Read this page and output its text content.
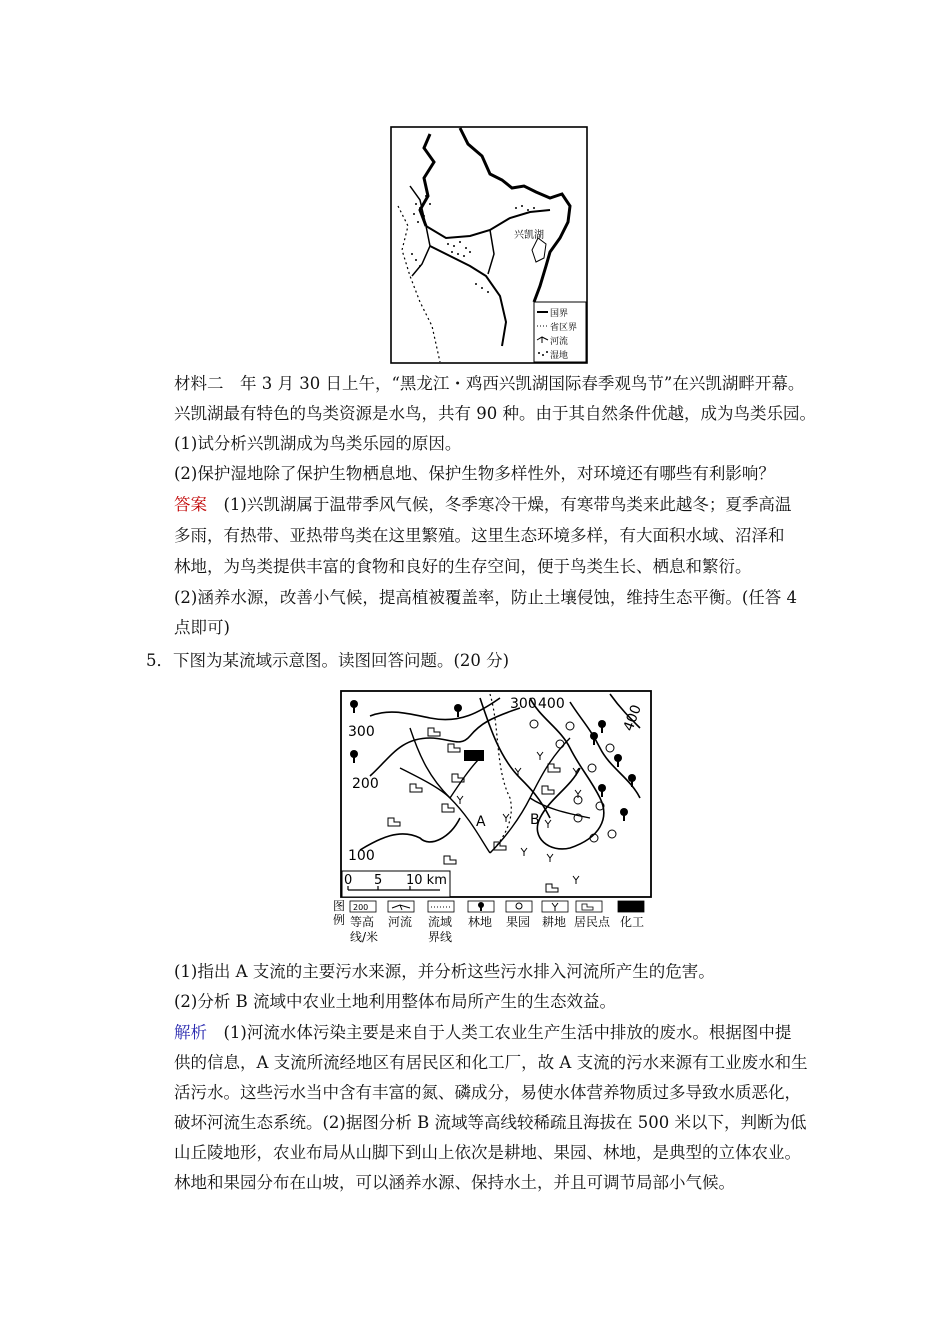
兴凯湖
国界
省区界
河流
湿地
材料二　年 3 月 30 日上午，“黑龙江・鸡西兴凯湖国际春季观鸟节”在兴凯湖畔开幕。
兴凯湖最有特色的鸟类资源是水鸟，共有 90 种。由于其自然条件优越，成为鸟类乐园。
(1)试分析兴凯湖成为鸟类乐园的原因。
(2)保护湿地除了保护生物栖息地、保护生物多样性外，对环境还有哪些有利影响？
答案　(1)兴凯湖属于温带季风气候，冬季寒冷干燥，有寒带鸟类来此越冬；夏季高温
多雨，有热带、亚热带鸟类在这里繁殖。这里生态环境多样，有大面积水域、沼泽和
林地，为鸟类提供丰富的食物和良好的生存空间，便于鸟类生长、栖息和繁衍。
(2)涵养水源，改善小气候，提高植被覆盖率，防止土壤侵蚀，维持生态平衡。(任答 4
点即可)
5．下图为某流域示意图。读图回答问题。(20 分)
300
200
100
300 400	400
A	B
0 5 10 km
图
例
200
等高
线/米
河流 流域
界线
林地 果园 耕地 居民点 化工
(1)指出 A 支流的主要污水来源，并分析这些污水排入河流所产生的危害。
(2)分析 B 流域中农业土地利用整体布局所产生的生态效益。
解析　(1)河流水体污染主要是来自于人类工农业生产生活中排放的废水。根据图中提
供的信息，A 支流所流经地区有居民区和化工厂，故 A 支流的污水来源有工业废水和生
活污水。这些污水当中含有丰富的氮、磷成分，易使水体营养物质过多导致水质恶化，
破坏河流生态系统。(2)据图分析 B 流域等高线较稀疏且海拔在 500 米以下，判断为低
山丘陵地形，农业布局从山脚下到山上依次是耕地、果园、林地，是典型的立体农业。
林地和果园分布在山坡，可以涵养水源、保持水土，并且可调节局部小气候。
